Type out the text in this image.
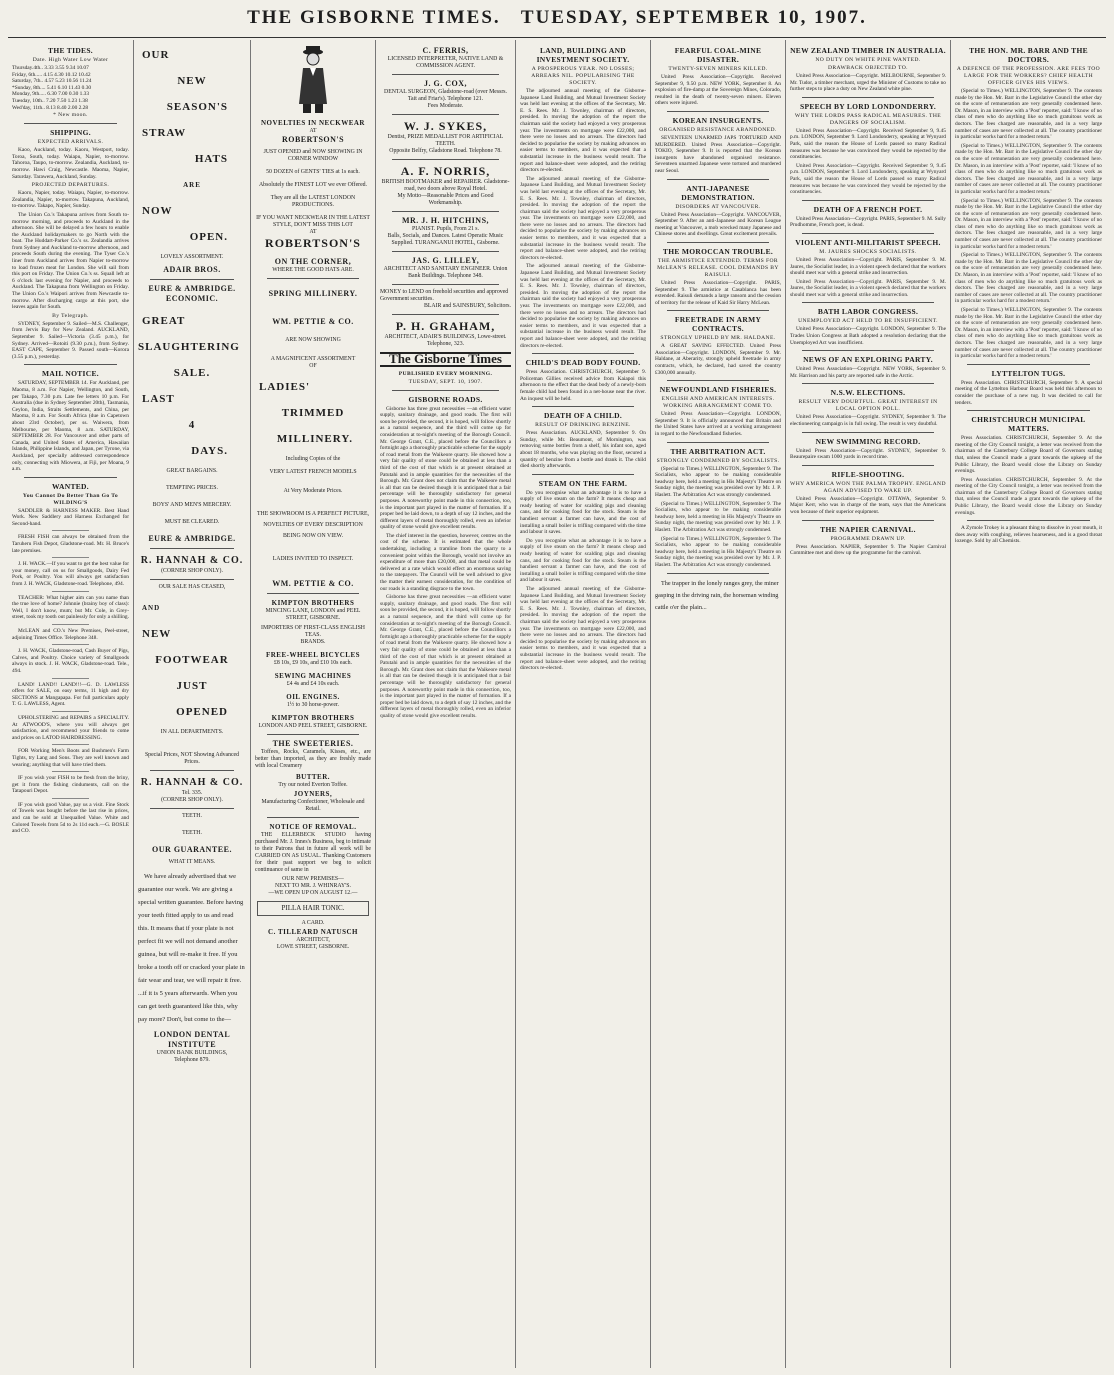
THE GISBORNE TIMES. TUESDAY, SEPTEMBER 10, 1907.
THE TIDES.
Date. High Water Low Water
Thursday.4th.. 3.33 3.55 9.34 10.07
Friday, 6th..... 4.15 4.30 10.12 10.42
Saturday, 7th.. 4.57 5.23 10.56 11.24
*Sunday, 8th.... 5.41 6.10 11.43 0.30
Monday, 9th..... 6.30 7.00 0.30 1.33
Tuesday, 10th.. 7.20 7.50 1.23 1.38
Wed'day, 11th.. 8.13 8.40 2.00 2.28
* New moon.
SHIPPING.
EXPECTED ARRIVALS.

Kaoo, Auckland, today. Kaoru, Westport, today. Toroa, South, today. Waiapu, Napier, to-morrow. Tahoroa, Taupo, to-morrow. Zealandia, Auckland, to-morrow. Hawi Craig, Newcastle. Maoma, Napier, Saturday. Tarawera, Auckland, Sunday.

PROJECTED DEPARTURES.

Kaoru, Napier, today. Waiapu, Napier, to-morrow. Zealandia, Napier, to-morrow. Takapuna, Auckland, to-morrow. Takapo, Napier, Sunday.

The Union Co.'s Takapuna arrives from South to-morrow morning, and proceeds to Auckland in the afternoon. She will be delayed a few hours to enable the Auckland holidaymakers to go North with the boat. The Huddart-Parker Co.'s ss. Zealandia arrives from Sydney and Auckland to-morrow afternoon, and proceeds South during the evening. The Tyser Co.'s liner from Auckland arrives from Napier to-morrow to load frozen meat for London. She will sail from this port on Friday. The Union Co.'s ss. Squall left at 6 o'clock last evening for Napier, and proceeds to Auckland. The Takapuna from Wellington on Friday. The Union Co.'s Waipori arrives from Newcastle to-morrow. After discharging cargo at this port, she leaves again for South.

By Telegraph.

SYDNEY, September 9. Sailed—M.S. Challenger, from Jervis Bay for New Zealand. AUCKLAND, September 9. Sailed—Victoria (3.45 p.m.), for Sydney. Arrived—Rotoiti (9.30 p.m.), from Sydney. EAST CAPE, September 9. Passed south—Korora (3.55 p.m.), yesterday.

MAIL NOTICE.

SATURDAY, SEPTEMBER 14. For Auckland, per Maoma, 8 a.m. For Napier, Wellington, and South, per Takapo, 7.30 p.m. Late fee letters 10 p.m. For Australia (due in Sydney September 20th), Tasmania, Ceylon, India, Straits Settlements, and China, per Maoma, 8 a.m. For South Africa (due in Capetown about 23rd October), per ss. Waiwera, from Melbourne, per Maoma, 8 a.m. SATURDAY, SEPTEMBER 28. For Vancouver and other parts of Canada, and United States of America, Hawaiian Islands, Philippine Islands, and Japan, per Tyrone, via Auckland, per specially addressed correspondence only, connecting with Miowera, at Fiji, per Moana, 9 a.m.

WANTED.
You Cannot Do Better Than Go To WILDING'S

SADDLER & HARNESS MAKER. Best Hand Work. New Saddlery and Harness Exchanged for Second-hand.

FRESH FISH can always be obtained from the Taruheru Fish Depot, Gladstone-road. Mr. H. Bruce's late premises.

J. H. WACK.—If you want to get the best value for your money, call on us for Smallgoods, Dairy Fed Pork, or Poultry. You will always get satisfaction from J. H. WACK, Gladstone-road. Telephone, 494.

TEACHER: What higher aim can you name than the true love of home? Johnnie (brainy boy of class): Well, I don't know, mum; but Mr. Cole, in Grey-street, took my tooth out painlessly for only a shilling.

McLEAN and CO.'s New Premises, Peel-street, adjoining Times Office. Telephone 348.

J. H. WACK, Gladstone-road, Cash Buyer of Pigs, Calves, and Poultry. Choice variety of Smallgoods always in stock. J. H. WACK, Gladstone-road. Tele., 494.

LAND! LAND!! LAND!!!—G. D. LAWLESS offers for SALE, on easy terms, 11 high and dry SECTIONS at Mangapapa. For full particulars apply T. G. LAWLESS, Agent.

UPHOLSTERING and REPAIRS a SPECIALITY. At ATWOOD'S, where you will always get satisfaction, and recommend your friends to come and prices on LATOD HAIRDRESSING.

FOR Working Men's Boots and Bushmen's Farm Tights, try Lang and Sons. They are well known and wearing; anything that will have tried them.

IF you wish your FISH to be fresh from the briny, get it from the fishing cinduments, call on the Tatapouri Depot.

IF you wish good Value, pay us a visit. Fine Stock of Towels was bought before the last rise in prices, and can be sold at Unequalled Value. White and Colored Towels from 5d to 2s 11d each.—G. BOSLE and CO.

OUR
NEW
SEASON'S
STRAW
HATS
ARE
NOW
OPEN.
LOVELY ASSORTMENT.
ADAIR BROS.
EURE & AMBRIDGE.
ECONOMIC.
GREAT
SLAUGHTERING
SALE.
LAST
4
DAYS.
GREAT BARGAINS.
TEMPTING PRICES.
BOYS' AND MEN'S MERCERY.
MUST BE CLEARED.
EURE & AMBRIDGE.
R. HANNAH & CO.
(CORNER SHOP ONLY).
OUR SALE HAS CEASED,
AND
NEW
FOOTWEAR
JUST
OPENED
IN ALL DEPARTMENTS.
Special Prices, NOT Showing Advanced Prices.
R. HANNAH & CO.
Tel. 335.
(CORNER SHOP ONLY).
TEETH.
TEETH.
OUR GUARANTEE.
WHAT IT MEANS.

We have already advertised that we guarantee our work. We are giving a special written guarantee. Before having your teeth fitted apply to us and read this. It means that if your plate is not perfect fit we will not demand another guinea, but will re-make it free. If you broke a tooth off or cracked your plate in fair wear and tear, we will repair it free. ...if it is 5 years afterwards. When you can get teeth guaranteed like this, why pay more? Don't, but come to the—

LONDON DENTAL INSTITUTE
UNION BANK BUILDINGS,
Telephone 879.
NOVELTIES IN NECKWEAR
AT
ROBERTSON'S
JUST OPENED and NOW SHOWING IN CORNER WINDOW
50 DOZEN of GENTS' TIES at 1s each.
Absolutely the FINEST LOT we ever Offered.
They are all the LATEST LONDON PRODUCTIONS.
IF YOU WANT NECKWEAR IN THE LATEST STYLE, DON'T MISS THIS LOT
AT
ROBERTSON'S
ON THE CORNER,
WHERE THE GOOD HATS ARE.
SPRING MILLINERY.
WM. PETTIE & CO.
ARE NOW SHOWING
A MAGNIFICENT ASSORTMENT
OF
LADIES'
TRIMMED
MILLINERY.
Including Copies of the
VERY LATEST FRENCH MODELS
At Very Moderate Prices.
THE SHOWROOM IS A PERFECT PICTURE, NOVELTIES OF EVERY DESCRIPTION BEING NOW ON VIEW.
LADIES INVITED TO INSPECT.
WM. PETTIE & CO.
KIMPTON BROTHERS
MINCING LANE, LONDON and PEEL STREET, GISBORNE.
IMPORTERS OF FIRST-CLASS ENGLISH TEAS.
BRANDS.
FREE-WHEEL BICYCLES
£8 10s, £9 10s, and £10 10s each.
SEWING MACHINES
£4 4s and £4 10s each.
OIL ENGINES.
1½ to 30 horse-power.
KIMPTON BROTHERS
LONDON AND PEEL STREET, GISBORNE.
THE SWEETERIES.

Toffees, Rocks, Caramels, Kisses, etc., are better than imported, as they are freshly made with local Creamery

BUTTER.
Try our noted Everton Toffee.
JOYNERS,
Manufacturing Confectioner, Wholesale and Retail.
NOTICE OF REMOVAL.

THE ELLERBECK STUDIO having purchased Mr. J. Innes's Business, beg to intimate to their Patrons that in future all work will be CARRIED ON AS USUAL. Thanking Customers for their past support we beg to solicit continuance of same in

OUR NEW PREMISES—
NEXT TO MR. J. WHINRAY'S.
—WE OPEN UP ON AUGUST 12.—
PILLA HAIR TONIC.
A CARD.
C. TILLEARD NATUSCH
ARCHITECT,
LOWE STREET, GISBORNE.
C. FERRIS,
LICENSED INTERPRETER, NATIVE LAND & COMMISSION AGENT.
J. G. COX,
DENTAL SURGEON, Gladstone-road (over Messrs. Tait and Friar's). Telephone 121.
Fees Moderate.
W. J. SYKES,
Dentist, PRIZE MEDALLIST FOR ARTIFICIAL TEETH.
Opposite Belfry, Gladstone Road. Telephone 78.
A. F. NORRIS,
BRITISH BOOTMAKER and REPAIRER. Gladstone-road, two doors above Royal Hotel.
My Motto—Reasonable Prices and Good Workmanship.
MR. J. H. HITCHINS,
PIANIST. Pupils, From 21 s.
Balls, Socials, and Dances. Latest Operatic Music Supplied. TURANGANUI HOTEL, Gisborne.
JAS. G. LILLEY,
ARCHITECT AND SANITARY ENGINEER. Union Bank Buildings. Telephone 348.
MONEY to LEND on freehold securities and approved Government securities.
BLAIR and SAINSBURY, Solicitors.
P. H. GRAHAM,
ARCHITECT, ADAIR'S BUILDINGS, Lowe-street. Telephone, 323.
The Gisborne Times
PUBLISHED EVERY MORNING.
TUESDAY, SEPT. 10, 1907.
GISBORNE ROADS.

Gisborne has three great necessities —an efficient water supply, sanitary drainage, and good roads. The first will soon be provided, the second, it is hoped, will follow shortly as a natural sequence, and the third will come up for consideration at to-night's meeting of the Borough Council. Mr. George Grant, C.E., placed before the Councillors a fortnight ago a thoroughly practicable scheme for the supply of road metal from the Waikeore quarry. He showed how a very fair quality of stone could be obtained at less than a third of the cost of that which is at present obtained at Patutahi and in ample quantities for the necessities of the Borough. Mr. Grant does not claim that the Waikeore metal is all that can be desired though it is anticipated that a fair percentage will be thoroughly satisfactory for general purposes. A noteworthy point made in this connection, too, is the important part played in the matter of formation. If a proper bed be laid down, to a depth of say 12 inches, and the different layers of metal thoroughly rolled, even an inferior quality of stone would give excellent results.

The chief interest in the question, however, centres on the cost of the scheme. It is estimated that the whole undertaking, including a tramline from the quarry to a convenient point within the Borough, would not involve an expenditure of more than £20,000, and that metal could be delivered at a rate which would effect an enormous saving to the ratepayers. The Council will be well advised to give the matter their earnest consideration, for the condition of our roads is a standing disgrace to the town.

Gisborne has three great necessities —an efficient water supply, sanitary drainage, and good roads. The first will soon be provided, the second, it is hoped, will follow shortly as a natural sequence, and the third will come up for consideration at to-night's meeting of the Borough Council. Mr. George Grant, C.E., placed before the Councillors a fortnight ago a thoroughly practicable scheme for the supply of road metal from the Waikeore quarry. He showed how a very fair quality of stone could be obtained at less than a third of the cost of that which is at present obtained at Patutahi and in ample quantities for the necessities of the Borough. Mr. Grant does not claim that the Waikeore metal is all that can be desired though it is anticipated that a fair percentage will be thoroughly satisfactory for general purposes. A noteworthy point made in this connection, too, is the important part played in the matter of formation. If a proper bed be laid down, to a depth of say 12 inches, and the different layers of metal thoroughly rolled, even an inferior quality of stone would give excellent results.

LAND, BUILDING AND INVESTMENT SOCIETY.
A PROSPEROUS YEAR. NO LOSSES; ARREARS NIL. POPULARISING THE SOCIETY.

The adjourned annual meeting of the Gisborne-Japanese Land Building, and Mutual Investment Society was held last evening at the offices of the Secretary, Mr. E. S. Rees. Mr. J. Townley, chairman of directors, presided. In moving the adoption of the report the chairman said the society had enjoyed a very prosperous year. The investments on mortgage were £22,000, and there were no losses and no arrears. The directors had decided to popularise the society by making advances on easier terms to members, and it was expected that a substantial increase in the business would result. The report and balance-sheet were adopted, and the retiring directors re-elected.

The adjourned annual meeting of the Gisborne-Japanese Land Building, and Mutual Investment Society was held last evening at the offices of the Secretary, Mr. E. S. Rees. Mr. J. Townley, chairman of directors, presided. In moving the adoption of the report the chairman said the society had enjoyed a very prosperous year. The investments on mortgage were £22,000, and there were no losses and no arrears. The directors had decided to popularise the society by making advances on easier terms to members, and it was expected that a substantial increase in the business would result. The report and balance-sheet were adopted, and the retiring directors re-elected.

The adjourned annual meeting of the Gisborne-Japanese Land Building, and Mutual Investment Society was held last evening at the offices of the Secretary, Mr. E. S. Rees. Mr. J. Townley, chairman of directors, presided. In moving the adoption of the report the chairman said the society had enjoyed a very prosperous year. The investments on mortgage were £22,000, and there were no losses and no arrears. The directors had decided to popularise the society by making advances on easier terms to members, and it was expected that a substantial increase in the business would result. The report and balance-sheet were adopted, and the retiring directors re-elected.

CHILD'S DEAD BODY FOUND.

Press Association. CHRISTCHURCH, September 9. Policeman Gillies received advice from Kaiapoi this afternoon to the effect that the dead body of a newly-born female child had been found in a net-house near the river. An inquest will be held.

DEATH OF A CHILD.
RESULT OF DRINKING BENZINE.

Press Association. AUCKLAND, September 9. On Sunday, while Mr. Beaumont, of Mornington, was removing some bottles from a shelf, his infant son, aged about 18 months, who was playing on the floor, secured a quantity of benzine from a bottle and drank it. The child died shortly afterwards.

STEAM ON THE FARM.

Do you recognise what an advantage it is to have a supply of live steam on the farm? It means cheap and ready heating of water for scalding pigs and cleaning cans, and for cooking food for the stock. Steam is the handiest servant a farmer can have, and the cost of installing a small boiler is trifling compared with the time and labour it saves.

Do you recognise what an advantage it is to have a supply of live steam on the farm? It means cheap and ready heating of water for scalding pigs and cleaning cans, and for cooking food for the stock. Steam is the handiest servant a farmer can have, and the cost of installing a small boiler is trifling compared with the time and labour it saves.

The adjourned annual meeting of the Gisborne-Japanese Land Building, and Mutual Investment Society was held last evening at the offices of the Secretary, Mr. E. S. Rees. Mr. J. Townley, chairman of directors, presided. In moving the adoption of the report the chairman said the society had enjoyed a very prosperous year. The investments on mortgage were £22,000, and there were no losses and no arrears. The directors had decided to popularise the society by making advances on easier terms to members, and it was expected that a substantial increase in the business would result. The report and balance-sheet were adopted, and the retiring directors re-elected.

FEARFUL COAL-MINE DISASTER.
TWENTY-SEVEN MINERS KILLED.

United Press Association—Copyright. Received September 9, 9.50 p.m. NEW YORK, September 8. An explosion of fire-damp at the Sovereign Mines, Colorado, resulted in the death of twenty-seven miners. Eleven others were injured.

KOREAN INSURGENTS.
ORGANISED RESISTANCE ABANDONED.

SEVENTEEN UNARMED JAPS TORTURED AND MURDERED. United Press Association—Copyright. TOKIO, September 9. It is reported that the Korean insurgents have abandoned organised resistance. Seventeen unarmed Japanese were tortured and murdered near Seoul.

ANTI-JAPANESE DEMONSTRATION.
DISORDERS AT VANCOUVER.

United Press Association—Copyright. VANCOUVER, September 9. After an anti-Japanese and Korean League meeting at Vancouver, a mob wrecked many Japanese and Chinese stores and dwellings. Great excitement prevails.

THE MOROCCAN TROUBLE.
THE ARMISTICE EXTENDED. TERMS FOR McLEAN'S RELEASE. COOL DEMANDS BY RAISULI.

United Press Association—Copyright. PARIS, September 9. The armistice at Casablanca has been extended. Raisuli demands a large ransom and the cession of territory for the release of Kaid Sir Harry McLean.

FREETRADE IN ARMY CONTRACTS.
STRONGLY UPHELD BY MR. HALDANE.

A GREAT SAVING EFFECTED. United Press Association—Copyright. LONDON, September 9. Mr. Haldane, at Aberarity, strongly upheld freetrade in army contracts, which, he declared, had saved the country £300,000 annually.

NEWFOUNDLAND FISHERIES.
ENGLISH AND AMERICAN INTERESTS. WORKING ARRANGEMENT COME TO.

United Press Association—Copyright. LONDON, September 9. It is officially announced that Britain and the United States have arrived at a working arrangement in regard to the Newfoundland fisheries.

THE ARBITRATION ACT.
STRONGLY CONDEMNED BY SOCIALISTS.

(Special to Times.) WELLINGTON, September 9. The Socialists, who appear to be making considerable headway here, held a meeting in His Majesty's Theatre on Sunday night, the meeting was presided over by Mr. J. P. Haslett. The Arbitration Act was strongly condemned.

(Special to Times.) WELLINGTON, September 9. The Socialists, who appear to be making considerable headway here, held a meeting in His Majesty's Theatre on Sunday night, the meeting was presided over by Mr. J. P. Haslett. The Arbitration Act was strongly condemned.

(Special to Times.) WELLINGTON, September 9. The Socialists, who appear to be making considerable headway here, held a meeting in His Majesty's Theatre on Sunday night, the meeting was presided over by Mr. J. P. Haslett. The Arbitration Act was strongly condemned.

The trapper in the lonely ranges grey, the miner gasping in the driving rain, the horseman winding cattle o'er the plain...

NEW ZEALAND TIMBER IN AUSTRALIA.
NO DUTY ON WHITE PINE WANTED.
DRAWBACK OBJECTED TO.

United Press Association—Copyright. MELBOURNE, September 9. Mr. Tudor, a timber merchant, urged the Minister of Customs to take no further steps to place a duty on New Zealand white pine.

SPEECH BY LORD LONDONDERRY.
WHY THE LORDS PASS RADICAL MEASURES. THE DANGERS OF SOCIALISM.

United Press Association—Copyright. Received September 9, 9.45 p.m. LONDON, September 9. Lord Londonderry, speaking at Wynyard Park, said the reason the House of Lords passed so many Radical measures was because he was convinced they would be rejected by the constituencies.

United Press Association—Copyright. Received September 9, 9.45 p.m. LONDON, September 9. Lord Londonderry, speaking at Wynyard Park, said the reason the House of Lords passed so many Radical measures was because he was convinced they would be rejected by the constituencies.

DEATH OF A FRENCH POET.

United Press Association—Copyright. PARIS, September 9. M. Sully Prudhomme, French poet, is dead.

VIOLENT ANTI-MILITARIST SPEECH.
M. JAURES SHOCKS SOCIALISTS.

United Press Association—Copyright. PARIS, September 9. M. Jaures, the Socialist leader, in a violent speech declared that the workers should meet war with a general strike and insurrection.

United Press Association—Copyright. PARIS, September 9. M. Jaures, the Socialist leader, in a violent speech declared that the workers should meet war with a general strike and insurrection.

BATH LABOR CONGRESS.
UNEMPLOYED ACT HELD TO BE INSUFFICIENT.

United Press Association—Copyright. LONDON, September 9. The Trades Union Congress at Bath adopted a resolution declaring that the Unemployed Act was insufficient.

NEWS OF AN EXPLORING PARTY.

United Press Association—Copyright. NEW YORK, September 9. Mr. Harrison and his party are reported safe in the Arctic.

N.S.W. ELECTIONS.
RESULT VERY DOUBTFUL. GREAT INTEREST IN LOCAL OPTION POLL.

United Press Association—Copyright. SYDNEY, September 9. The electioneering campaign is in full swing. The result is very doubtful.

NEW SWIMMING RECORD.

United Press Association—Copyright. SYDNEY, September 9. Beaurepaire swam 1000 yards in record time.

RIFLE-SHOOTING.
WHY AMERICA WON THE PALMA TROPHY. ENGLAND AGAIN ADVISED TO WAKE UP.

United Press Association—Copyright. OTTAWA, September 9. Major Kerr, who was in charge of the team, says that the Americans won because of their superior equipment.

THE NAPIER CARNIVAL.
PROGRAMME DRAWN UP.

Press Association. NAPIER, September 9. The Napier Carnival Committee met and drew up the programme for the carnival.

THE HON. MR. BARR AND THE DOCTORS.
A DEFENCE OF THE PROFESSION. ARE FEES TOO LARGE FOR THE WORKERS? CHIEF HEALTH OFFICER GIVES HIS VIEWS.

(Special to Times.) WELLINGTON, September 9. The contents made by the Hon. Mr. Barr in the Legislative Council the other day on the score of remuneration are very generally condemned here. Dr. Mason, in an interview with a 'Post' reporter, said: 'I know of no class of men who do anything like so much gratuitous work as doctors. The fees charged are reasonable, and in a very large number of cases are never collected at all. The country practitioner in particular works hard for a modest return.'

(Special to Times.) WELLINGTON, September 9. The contents made by the Hon. Mr. Barr in the Legislative Council the other day on the score of remuneration are very generally condemned here. Dr. Mason, in an interview with a 'Post' reporter, said: 'I know of no class of men who do anything like so much gratuitous work as doctors. The fees charged are reasonable, and in a very large number of cases are never collected at all. The country practitioner in particular works hard for a modest return.'

(Special to Times.) WELLINGTON, September 9. The contents made by the Hon. Mr. Barr in the Legislative Council the other day on the score of remuneration are very generally condemned here. Dr. Mason, in an interview with a 'Post' reporter, said: 'I know of no class of men who do anything like so much gratuitous work as doctors. The fees charged are reasonable, and in a very large number of cases are never collected at all. The country practitioner in particular works hard for a modest return.'

(Special to Times.) WELLINGTON, September 9. The contents made by the Hon. Mr. Barr in the Legislative Council the other day on the score of remuneration are very generally condemned here. Dr. Mason, in an interview with a 'Post' reporter, said: 'I know of no class of men who do anything like so much gratuitous work as doctors. The fees charged are reasonable, and in a very large number of cases are never collected at all. The country practitioner in particular works hard for a modest return.'

(Special to Times.) WELLINGTON, September 9. The contents made by the Hon. Mr. Barr in the Legislative Council the other day on the score of remuneration are very generally condemned here. Dr. Mason, in an interview with a 'Post' reporter, said: 'I know of no class of men who do anything like so much gratuitous work as doctors. The fees charged are reasonable, and in a very large number of cases are never collected at all. The country practitioner in particular works hard for a modest return.'

LYTTELTON TUGS.

Press Association. CHRISTCHURCH, September 9. A special meeting of the Lyttelton Harbour Board was held this afternoon to consider the purchase of a new tug. It was decided to call for tenders.

CHRISTCHURCH MUNICIPAL MATTERS.

Press Association. CHRISTCHURCH, September 9. At the meeting of the City Council tonight, a letter was received from the chairman of the Canterbury College Board of Governors stating that, unless the Council made a grant towards the upkeep of the Public Library, the Board would close the Library on Sunday evenings.

Press Association. CHRISTCHURCH, September 9. At the meeting of the City Council tonight, a letter was received from the chairman of the Canterbury College Board of Governors stating that, unless the Council made a grant towards the upkeep of the Public Library, the Board would close the Library on Sunday evenings.

A Zymole Trokey is a pleasant thing to dissolve in your mouth, it does away with coughing, relieves hoarseness, and is a good throat lozenge. Sold by all Chemists.
